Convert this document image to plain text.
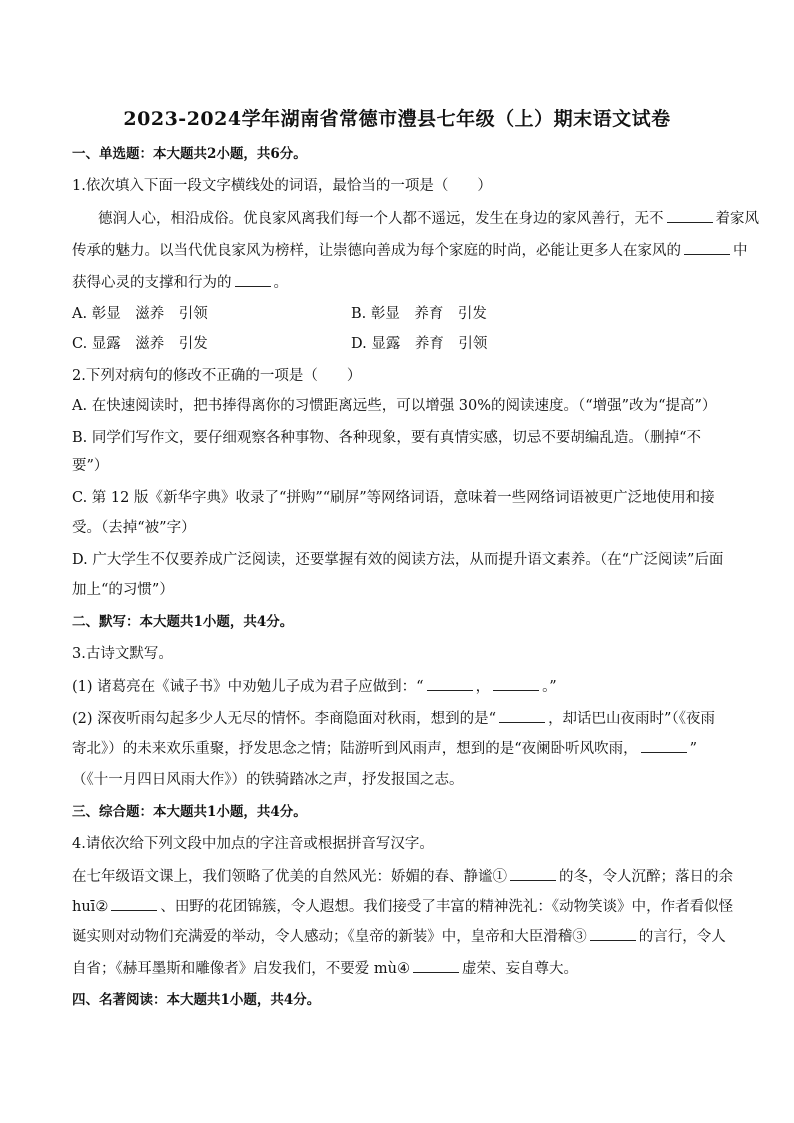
2023-2024学年湖南省常德市澧县七年级（上）期末语文试卷
一、单选题：本大题共2小题，共6分。
1.依次填入下面一段文字横线处的词语，最恰当的一项是（　　）
德润人心，相沿成俗。优良家风离我们每一个人都不遥远，发生在身边的家风善行，无不	着家风
传承的魅力。以当代优良家风为榜样，让崇德向善成为每个家庭的时尚，必能让更多人在家风的	中
获得心灵的支撑和行为的	。
A. 彰显　滋养　引领	B. 彰显　养育　引发
C. 显露　滋养　引发	D. 显露　养育　引领
2.下列对病句的修改不正确的一项是（　　）
A. 在快速阅读时，把书捧得离你的习惯距离远些，可以增强 30%的阅读速度。（“增强”改为“提高”）
B. 同学们写作文，要仔细观察各种事物、各种现象，要有真情实感，切忌不要胡编乱造。（删掉“不
要”）
C. 第 12 版《新华字典》收录了“拼购”“刷屏”等网络词语，意味着一些网络词语被更广泛地使用和接
受。（去掉“被”字）
D. 广大学生不仅要养成广泛阅读，还要掌握有效的阅读方法，从而提升语文素养。（在“广泛阅读”后面
加上“的习惯”）
二、默写：本大题共1小题，共4分。
3.古诗文默写。
(1) 诸葛亮在《诫子书》中劝勉儿子成为君子应做到：“	，	。”
(2) 深夜听雨勾起多少人无尽的情怀。李商隐面对秋雨，想到的是“	，却话巴山夜雨时”（《夜雨
寄北》）的未来欢乐重聚，抒发思念之情；陆游听到风雨声，想到的是“夜阑卧听风吹雨，	”
（《十一月四日风雨大作》）的铁骑踏冰之声，抒发报国之志。
三、综合题：本大题共1小题，共4分。
4.请依次给下列文段中加点的字注音或根据拼音写汉字。
在七年级语文课上，我们领略了优美的自然风光：娇媚的春、静谧①	的冬，令人沉醉；落日的余
huī②	、田野的花团锦簇，令人遐想。我们接受了丰富的精神洗礼：《动物笑谈》中，作者看似怪
诞实则对动物们充满爱的举动，令人感动；《皇帝的新装》中，皇帝和大臣滑稽③	的言行，令人
自省；《赫耳墨斯和雕像者》启发我们，不要爱 mù④	虚荣、妄自尊大。
四、名著阅读：本大题共1小题，共4分。
